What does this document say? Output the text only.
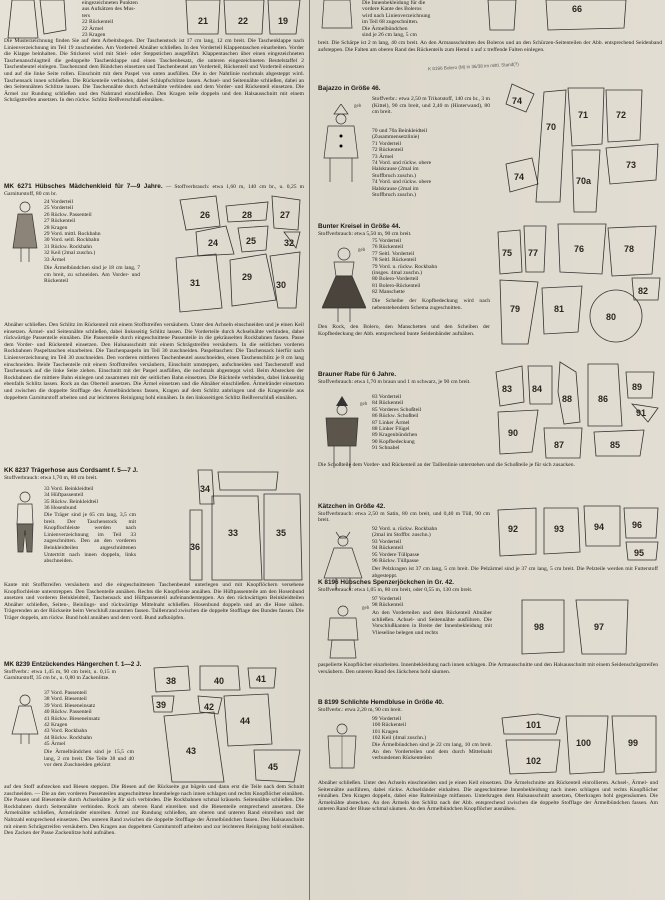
eingezeichneten Punkten
aus Aufsätzen des Mus-
ters
22 Rückenteil
22 Ärmel
23 Kragen
21	22	19

Die Musterzeichnung finden Sie auf dem Arbeitsbogen. Der Taschenstock ist 17 cm lang, 12 cm breit. Die Taschenklappe nach Linienverzeichnung im Teil 19 zuschneiden. Am Vorderteil Abnäher schließen. In den Vorderteil Klappentaschen einarbeiten. Vorder die Klappe beinhalten. Die Stickerei wird mit Stiel- oder Steppstichen ausgeführt. Klappentaschen über einen eingezeichneten Taschenanschlagtteil die gedoppelte Taschenklappe und einen Taschenbesatz, die unteren eingezeichneten Beutelstaffel 2 Taschenbeutel einlegen. Taschenrand dem Bündchen einsetzen und Taschenbeutel am Vorderteil, Rückenteil und Vorderteil einsetzen und auf die linke Seite rollen. Einschnitt mit dem Paspel von unten ausfüllen. Die in der Nahtlinie nochmals abgesteppt wird. Taschensack innen schließen. Die Rückenteile verbinden, dabei Schlupfschlitze lassen. Achsel- und Seitennähte schließen, dabei an den Seitennähten Schlitze lassen. Die Taschennähte durch Achselnähte verbinden und dem Vorder- und Rückenteil einsetzen. Die Ärmel zur Rundung schließen und den Nahtrand einschließen. Den Kragen teile doppeln und den Halsausschnitt mit einem Schrägstreifen ansetzen. In den rückw. Schlitz Reißverschluß einnähen.

MK 6271 Hübsches Mädchenkleid für 7—9 Jahre. — Stoffverbrauch: etwa 1,60 m, 140 cm br., u. 0,25 m Garniturstoff, 80 cm br.
24 Vorderteil
25 Vorderteil
26 Rückw. Passenteil
27 Rückenteil
28 Kragen
29 Vord. mittl. Rockbahn
30 Vord. seitl. Rockbahn
31 Rückw. Rockbahn
32 Keil (2mal zuschn.)
33 Ärmel

Die Ärmelbündchen sind je 18 cm lang, 7 cm breit, zu schneiden. Am Vorder- und Rückenteil

26	28	27
24	25
31
29
30
32

Abnäher schließen. Den Schlitz im Rückenteil mit einem Stoffstreifen versäubern. Unter den Achseln einschneiden und je einen Keil einsetzen. Ärmel- und Seitennähte schließen, dabei linksseitig Schlitz lassen. Die Vorderteile durch Achselnähte verbinden, dabei rückwärtige Passenteile einnähen. Die Passenteile durch eingeschnittene Passenteile in die gekräuselten Rockbahnen fassen. Passe dem Vorder- und Rückenteil einsetzen. Den Halsausschnitt mit einem Schrägstreifen versäubern. In die seitlichen vorderen Rockbahnen Paspeltaschen einarbeiten. Die Taschenpaspeln im Teil 30 zuschneiden. Paspeltaschen: Die Taschensack hierfür nach Linienverzeichnung im Teil 30 zuschneiden. Den vorderen mittleren Taschenbeutel ausschneiden, einen Taschenschlitz je 8 cm lang einschneiden. Beide Taschenteile mit einem Stoffstreifen versäubern, Einschnitt umsteppen, aufschneiden und Taschenstoff und Taschensack auf die linke Seite ziehen. Einschnitt mit der Paspel ausfüllen, die nochmals abgesteppt wird. Beim Abstecken der Rockbahnen die mittlere Bahn einlegen und zusammen mit der seitlichen Bahn einsetzen. Die Rückteile verbinden, dabei linksseitig ebenfalls Schlitz lassen. Rock an das Oberteil ansetzen. Die Ärmel einsetzen und die Abnäher einschließen. Ärmelränder einsetzen und zwischen die doppelte Stofflage des Ärmelbündchens fassen, Kragen auf dem Schlitz anbringen und die Kragenteile aus doppeltem Garniturstoff arbeiten und zur leichteren Reinigung hohl einnähen. In den linksseitigen Schlitz Reißverschluß einnähen.

KK 8237 Trägerhose aus Cordsamt f. 5—7 J.
Stoffverbrauch: etwa 1,70 m, 80 cm breit.
33 Vord. Beinkleidteil
34 Hüftpassenteil
35 Rückw. Beinkleidteil
36 Hosenbund

Die Träger sind je 65 cm lang, 3,5 cm breit. Der Taschenstock mit Knopflochleiste werden nach Linienverzeichnung im Teil 33 zugeschnitten. Den an den vorderen Beinkleidteilen angeschnittenen Untertritt nach innen doppeln, links abschneiden.

34
36
33	35

Kante mit Stoffstreifen versäubern und die eingeschnittenen Taschenbeutel unterlegen und mit Knopflöchern versehene Knopflochleiste unterstreppen. Den Taschenteile annähen. Rechts die Knopfleiste annähen. Die Hüftpassenteile am den Hosenbund ansetzen und vorderen Beinkleidteil, Taschensack und Hüftpassenteil aufeinandersteppen. An den rückwärtigen Beinkleidteilen Abnäher schließen, Seiten-, Beinlings- und rückwärtige Mittelnaht schließen. Hosenbund doppeln und an die Hose nähen. Trägerenden an der Rückseite beim Verschluß zusammen fassen. Taillenrand zwischen die doppelte Stofflage des Bundes fassen. Die Träger doppeln, am rückw. Bund hohl annähen und dem vord. Bund aufknöpfen.

MK 8239 Entzückendes Hängerchen f. 1—2 J.
Stoffverbr.: etwa 1,45 m, 90 cm breit, u. 0,15 m Garniturstoff, 35 cm br., u. 0,80 m Zackenlitze.
37 Vord. Passenteil
38 Vord. Biesenteil
39 Vord. Bieseneinsatz
40 Rückw. Passenteil
41 Rückw. Bieseneinsatz
42 Kragen
43 Vord. Rockbahn
44 Rückw. Rockbahn
45 Ärmel

Die Ärmelbündchen sind je 15,5 cm lang, 2 cm breit. Die Teile 38 und 40 vor dem Zuschneiden gekürzt

38	40	41
39
44
42
43
45

auf den Stoff aufstecken und Biesen steppen. Die Biesen auf der Rückseite gut bügeln und dann erst die Teile nach dem Schnitt zuschneiden. — Die an den vorderen Passenteilen angeschnittene Innenbelege nach innen schlagen und rechts Knopflöcher einnähen. Die Passen und Biesenteile durch Achselnähte je für sich verbinden. Die Rockbahnen schmal kräuseln. Seitennähte schließen. Die Rockbahnen durch Seitennähte verbinden. Rock am oberen Rand einreihen und die Biesenteile entsprechend ansetzen. Die Ärmelnähte schließen, Ärmelränder einreihen. Ärmel zur Rundung schließen, am oberen und unteren Rand einreihen und der Nahtzahl entsprechend einsetzen. Den unteren Rand zwischen die doppelte Stofflage der Ärmelbündchen fassen. Den Halsausschnitt mit einem Schrägstreifen versäubern. Den Kragen aus doppeltem Garniturstoff arbeiten und zur leichteren Reinigung hohl einnähen. Den Zacken der Passe Zackenlitze hohl aufnähen.

Die Innenbekleidung für die
vordere Kante des Boleros
wird nach Linienverzeichnung
im Teil 68 zugeschnitten.
Die Ärmelbündchen
sind je 26 cm lang, 5 cm
66

breit. Die Schärpe ist 2 m lang, 40 cm breit. An den Armausschnitten des Boleros und an den Schürzen-Seitenteilen der Abb. entsprechend Seidenband aufsteppen. Die Falten am oberen Rand des Rückenteils zum Hemd x auf z treffende Falten einlegen.

K 8196 Bolero (M) in 36/38 im mittl. Stand(?)
Bajazzo in Größe 46.
geb

Stoffverbr.: etwa 2,50 m Trikotstoff, 140 cm br., 3 m (Kittel), 90 cm breit, und 2,40 m (Hinterwand), 80 cm breit.

70 und 70a Beinkleidteil
(Zusammensetzlinie)
71 Vorderteil
72 Rückenteil
73 Ärmel
74 Vord. und rückw. obere
Halskrause (2mal im
Stoffbruch zuschn.)
74 Vord. und rückw. obere
Halskrause (2mal im
Stoffbruch zuschn.)
74
70
71	72
73
70a
74
Bunter Kreisel in Größe 44.
Stoffverbrauch: etwa 5,50 m, 90 cm breit.
geb
75 Vorderteil
76 Rückenteil
77 Seitl. Vorderteil
78 Seitl. Rückenteil
79 Vord. u. rückw. Rockbahn
(insges. 4mal zuschn.)
80 Bolero-Vorderteil
81 Bolero-Rückenteil
82 Manschette

Die Scheibe der Kopfbedeckung wird nach nebenstehendem Schema zugeschnitten.

Den Rock, den Bolero, den Manschetten und den Scheiben der Kopfbedeckung der Abb. entsprechend bunte Seidenbänder aufnähen.

75 77	76	78
79	81
80
82
Brauner Rabe für 6 Jahre.
Stoffverbrauch: etwa 1,70 m braun und 1 m schwarz, je 90 cm breit.
geb
83 Vorderteil
84 Rückenteil
85 Vorderes Schoßteil
86 Rückw. Schoßteil
87 Linker Ärmel
88 Linker Flügel
89 Kragenbündchen
90 Kopfbedeckung
91 Schnabel

Die Schoßteile dem Vorder- und Rückenteil an der Taillenlinie unterstehen und die Schoßteile je für sich zusacken.

83 84
88	86
89
91
90
87	85
Kätzchen in Größe 42.
Stoffverbrauch: etwa 2,50 m Satin, 80 cm breit, und 0,40 m Tüll, 90 cm breit.
92 Vord. u. rückw. Rockbahn
(2mal im Stoffbr. zuschn.)
93 Vorderteil
94 Rückenteil
95 Vordere Tüllpasse
96 Rückw. Tüllpasse

Der Pelzkragen ist 37 cm lang, 5 cm breit. Die Pelzärmel sind je 37 cm lang, 5 cm breit. Die Pelzteile werden mit Futterstoff abgesteppt.

92	93	94	96
95
K 8196 Hübsches Spenzerjöckchen in Gr. 42.
Stoffverbrauch: etwa 1,05 m, 80 cm breit, oder 0,55 m, 130 cm breit.
geb
97 Vorderteil
98 Rückenteil

An den Vorderteilen und dem Rückenteil Abnäher schließen. Achsel- und Seitennähte ausführen. Die Vorschlußkanten in Breite der Innenbekleidung mit Vlieseline belegen und rechts

paspelierte Knopflöcher einarbeiten. Innenbekleidung nach innen schlagen. Die Armausschnitte und den Halsausschnitt mit einem Seidenschrägstreifen versäubern. Den unteren Rand des Jäckchens hohl säumen.

98	97
B 8199 Schlichte Hemdbluse in Größe 40.
Stoffverbr.: etwa 2,20 m, 90 cm breit.
99 Vorderteil
100 Rückenteil
101 Kragen
102 Keil (4mal zuschn.)

Die Ärmelbündchen sind je 22 cm lang, 10 cm breit. An den Vorderteilen und dem durch Mittelnaht verbundenen Rückenteilen

101
100	99
102

Abnäher schließen. Unter den Achseln einschneiden und je einen Keil einsetzen. Die Ärmelschnitte am Rückenteil einrollieren. Achsel-, Ärmel- und Seitennähte ausführen, dabei rückw. Achselränder einhalten. Die angeschnittene Innenbekleidung nach innen schlagen und rechts Knopflöcher einnähen. Den Kragen doppeln, dabei eine Bahteinlage mitfassen. Unterkragen dem Halsausschnitt ansetzen, Oberkragen hohl gegensäumen. Die Ärmelnähte abstecken. An den Ärmeln den Schlitz nach der Abb. entsprechend zwischen die doppelte Stofflage der Ärmelbündchen fassen. Am unteren Rand der Bluse schmal säumen. An den Ärmelbündchen Knopflöcher ausnähen.
